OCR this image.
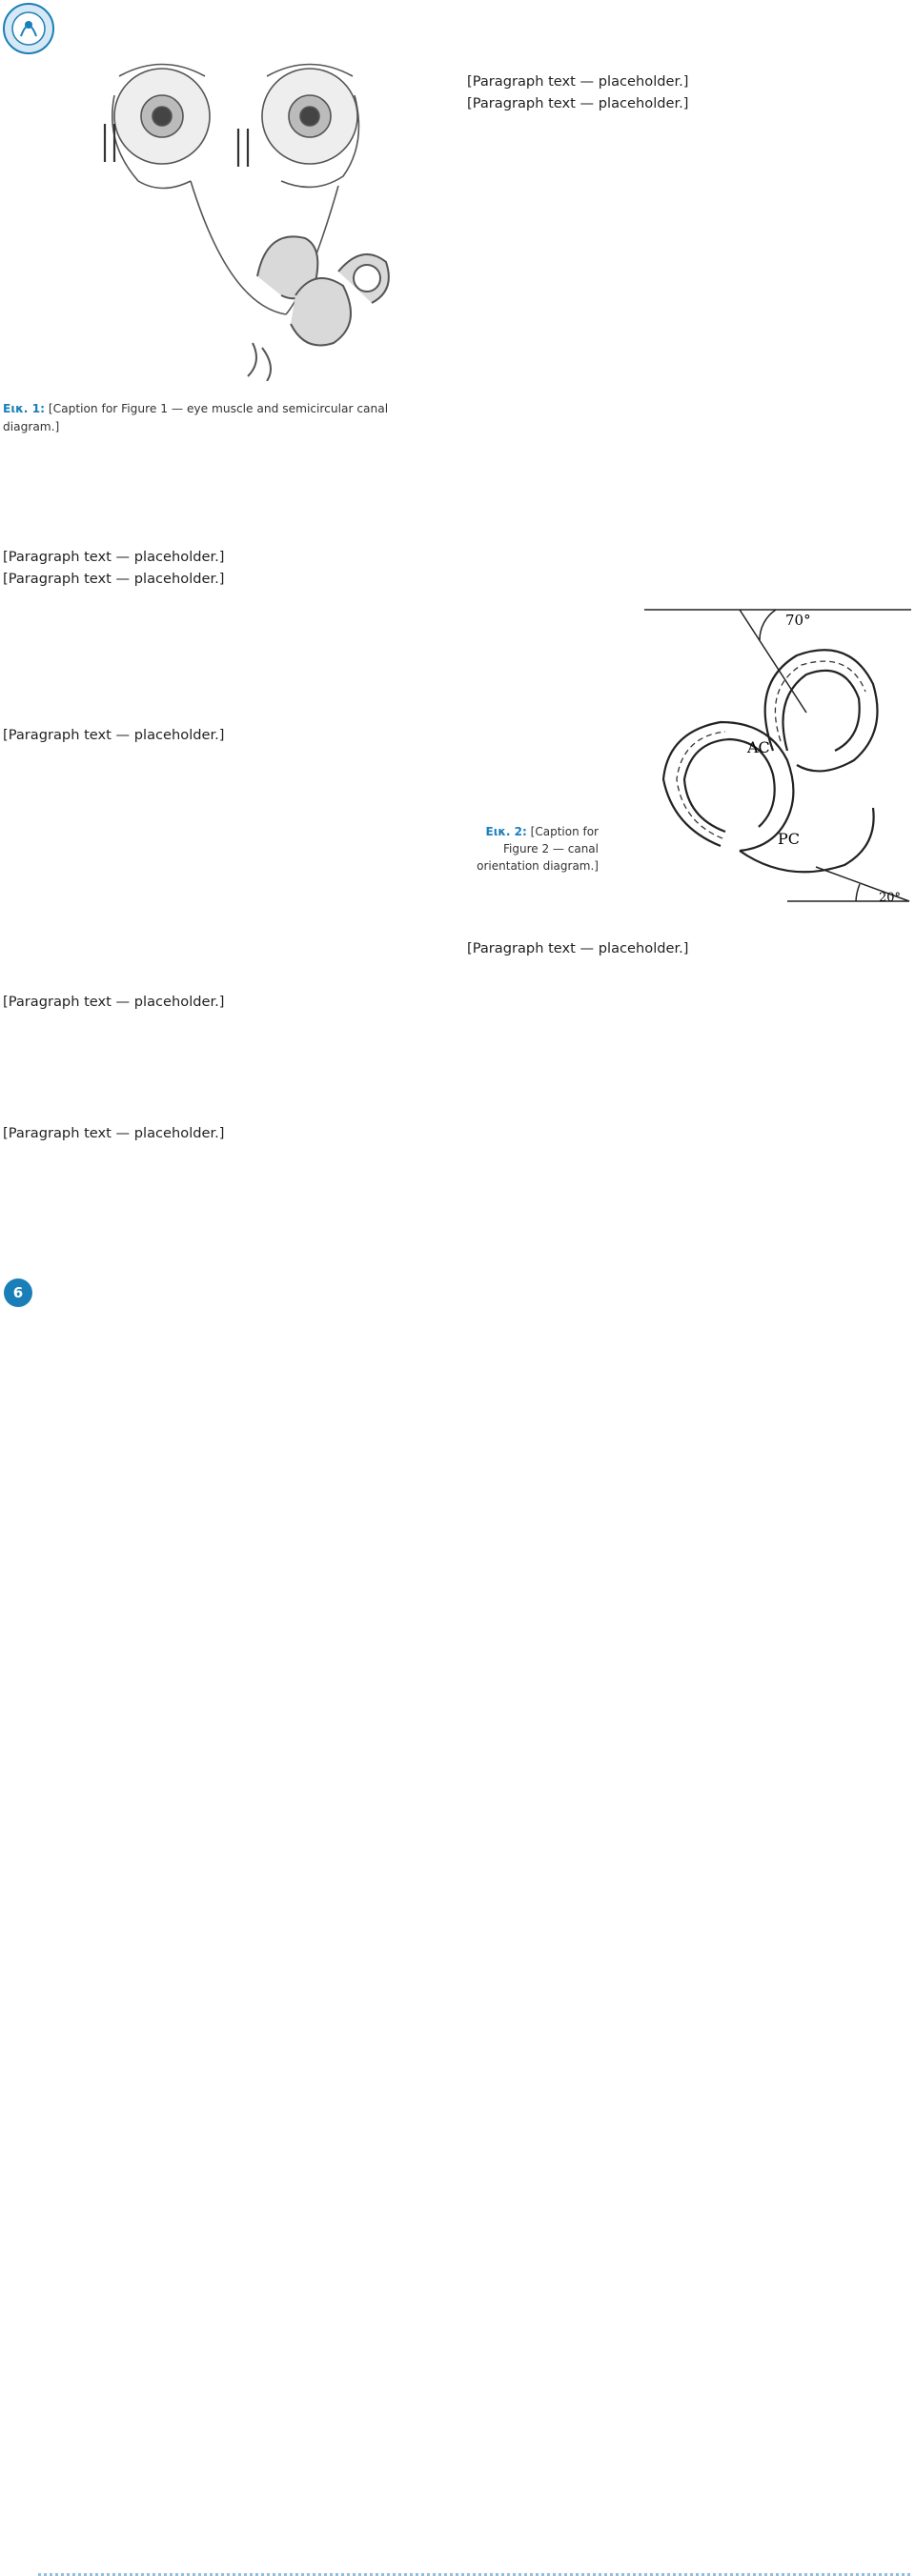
Εικ. 1: [Caption for Figure 1 — eye muscle and semicircular canal diagram.]

[Paragraph text — placeholder.]

[Paragraph text — placeholder.]

[Paragraph text — placeholder.]

[Paragraph text — placeholder.]

[Paragraph text — placeholder.]

[Paragraph text — placeholder.]

[Paragraph text — placeholder.]

70°
AC
PC
20°

Εικ. 2: [Caption for Figure 2 — canal orientation diagram.]

[Paragraph text — placeholder.]

6
